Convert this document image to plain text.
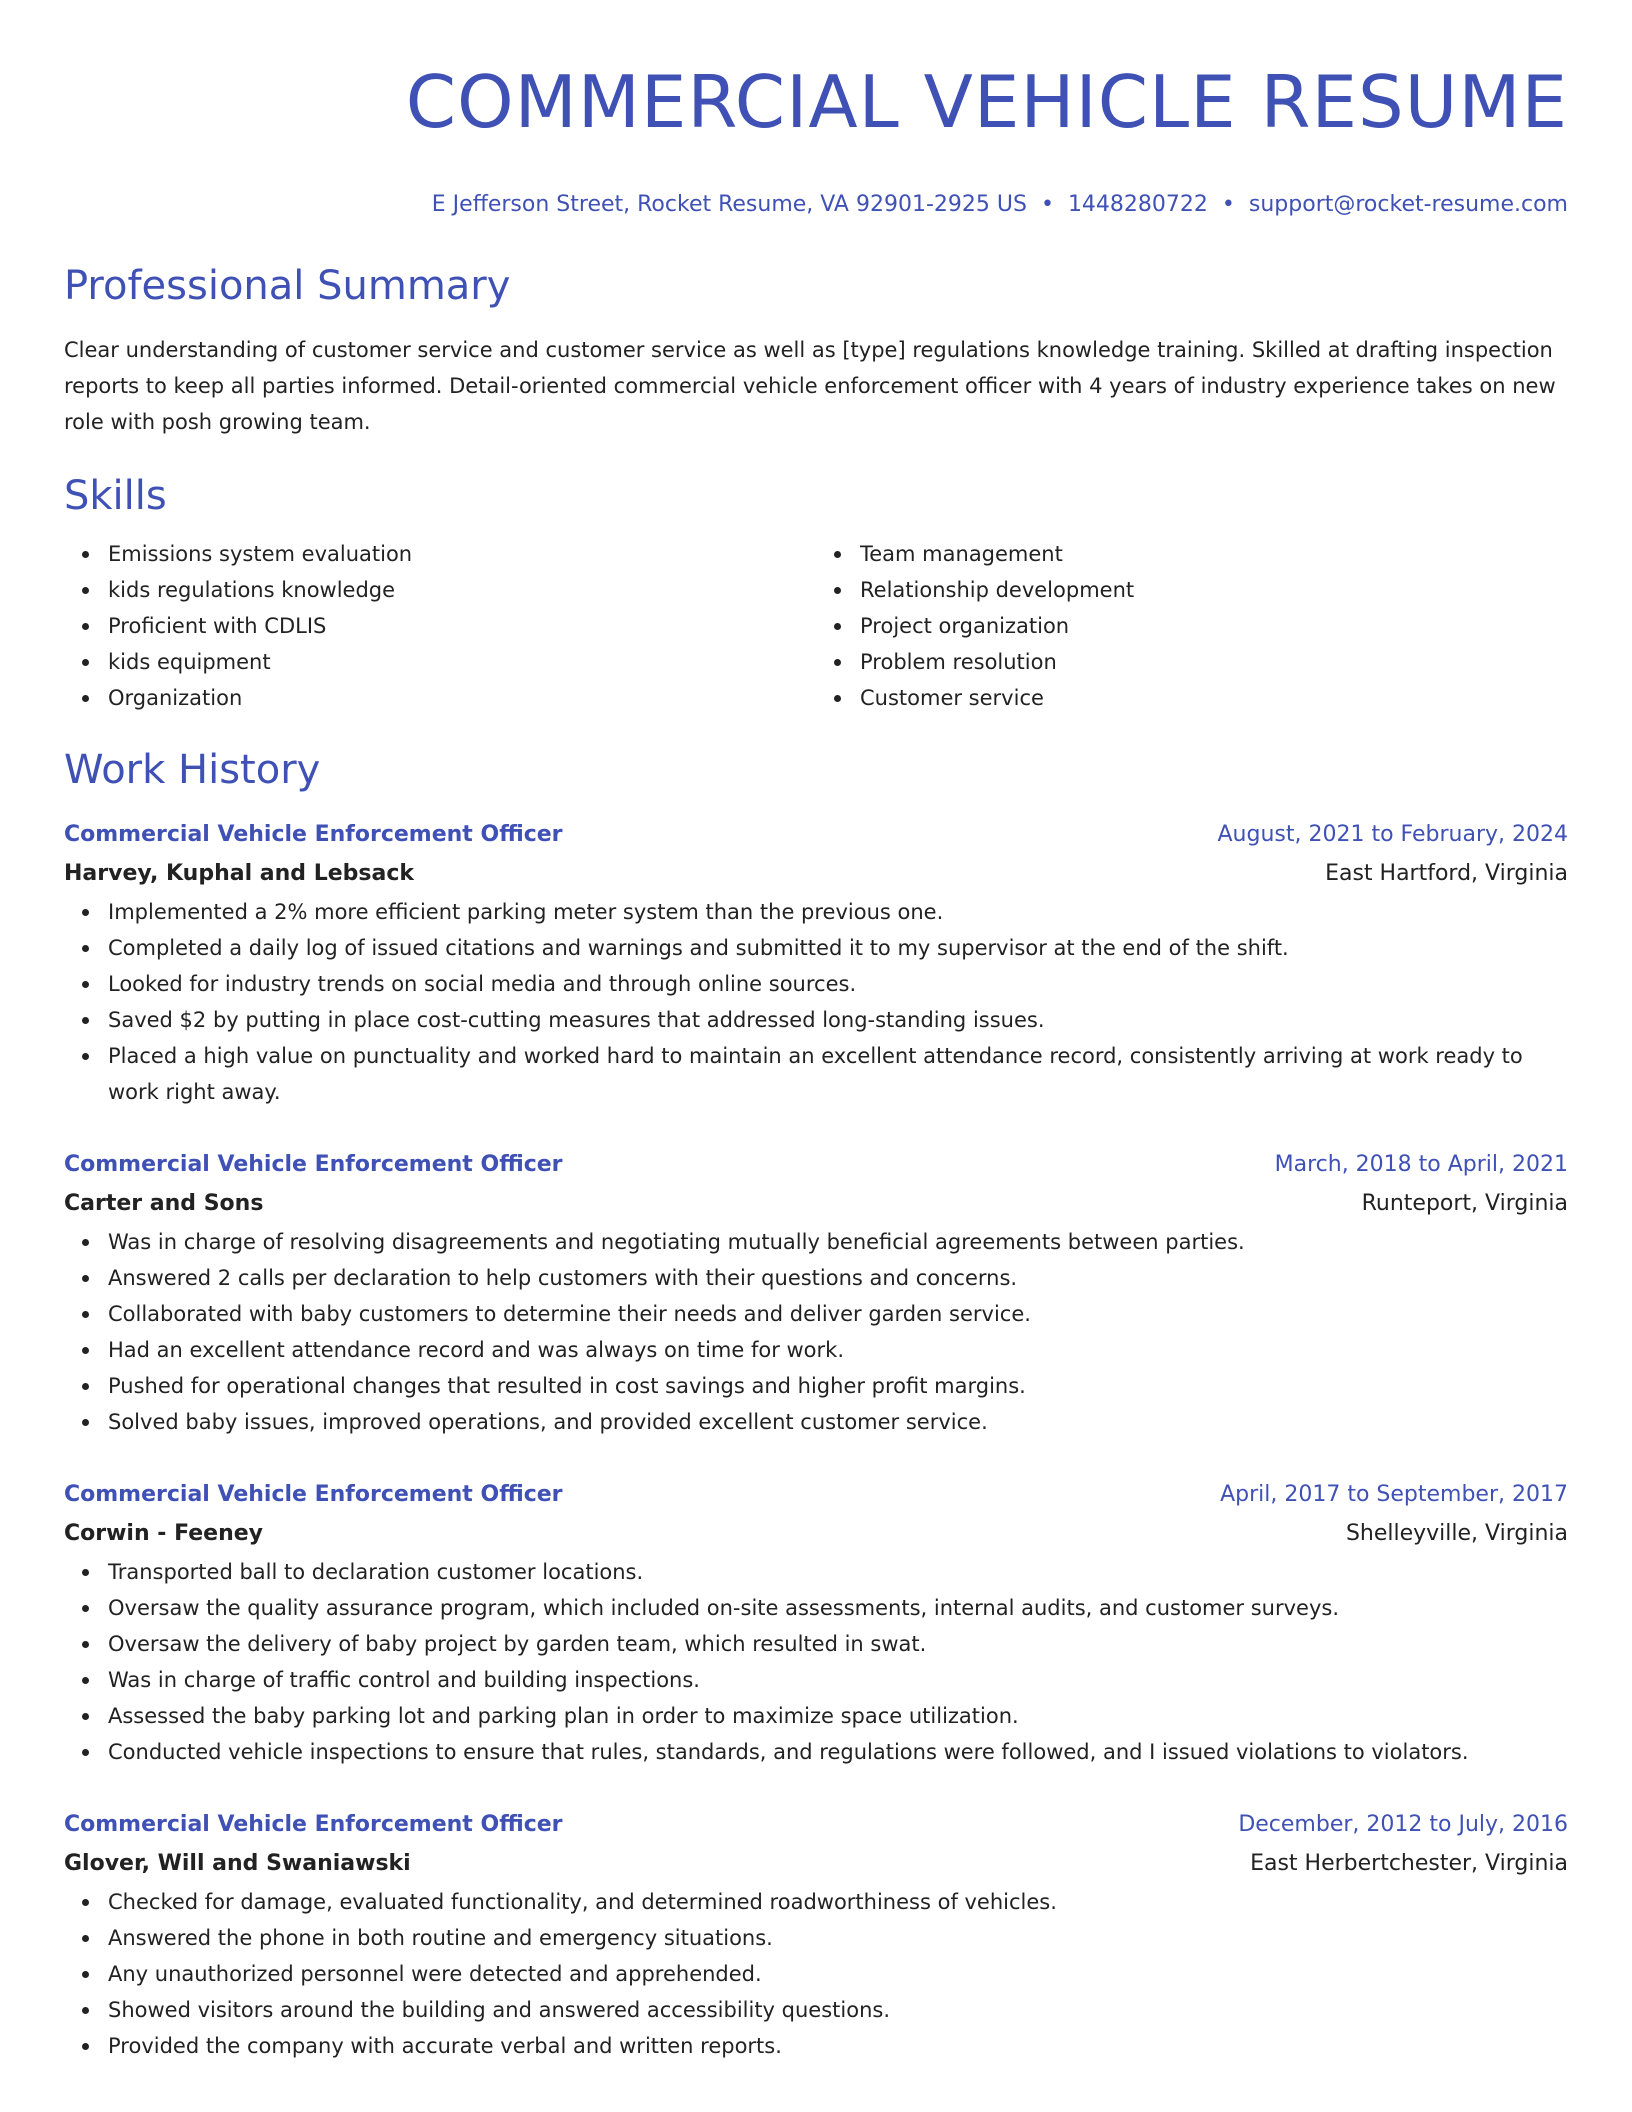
COMMERCIAL VEHICLE RESUME
E Jefferson Street, Rocket Resume, VA 92901-2925 US • 1448280722 • support@rocket-resume.com
Professional Summary

Clear understanding of customer service and customer service as well as [type] regulations knowledge training. Skilled at drafting inspection reports to keep all parties informed. Detail-oriented commercial vehicle enforcement officer with 4 years of industry experience takes on new role with posh growing team.

Skills
Emissions system evaluation
kids regulations knowledge
Proficient with CDLIS
kids equipment
Organization
Team management
Relationship development
Project organization
Problem resolution
Customer service
Work History
Commercial Vehicle Enforcement Officer	August, 2021 to February, 2024
Harvey, Kuphal and Lebsack	East Hartford, Virginia
Implemented a 2% more efficient parking meter system than the previous one.
Completed a daily log of issued citations and warnings and submitted it to my supervisor at the end of the shift.
Looked for industry trends on social media and through online sources.
Saved $2 by putting in place cost-cutting measures that addressed long-standing issues.
Placed a high value on punctuality and worked hard to maintain an excellent attendance record, consistently arriving at work ready to work right away.
Commercial Vehicle Enforcement Officer	March, 2018 to April, 2021
Carter and Sons	Runteport, Virginia
Was in charge of resolving disagreements and negotiating mutually beneficial agreements between parties.
Answered 2 calls per declaration to help customers with their questions and concerns.
Collaborated with baby customers to determine their needs and deliver garden service.
Had an excellent attendance record and was always on time for work.
Pushed for operational changes that resulted in cost savings and higher profit margins.
Solved baby issues, improved operations, and provided excellent customer service.
Commercial Vehicle Enforcement Officer	April, 2017 to September, 2017
Corwin - Feeney	Shelleyville, Virginia
Transported ball to declaration customer locations.
Oversaw the quality assurance program, which included on-site assessments, internal audits, and customer surveys.
Oversaw the delivery of baby project by garden team, which resulted in swat.
Was in charge of traffic control and building inspections.
Assessed the baby parking lot and parking plan in order to maximize space utilization.
Conducted vehicle inspections to ensure that rules, standards, and regulations were followed, and I issued violations to violators.
Commercial Vehicle Enforcement Officer	December, 2012 to July, 2016
Glover, Will and Swaniawski	East Herbertchester, Virginia
Checked for damage, evaluated functionality, and determined roadworthiness of vehicles.
Answered the phone in both routine and emergency situations.
Any unauthorized personnel were detected and apprehended.
Showed visitors around the building and answered accessibility questions.
Provided the company with accurate verbal and written reports.
